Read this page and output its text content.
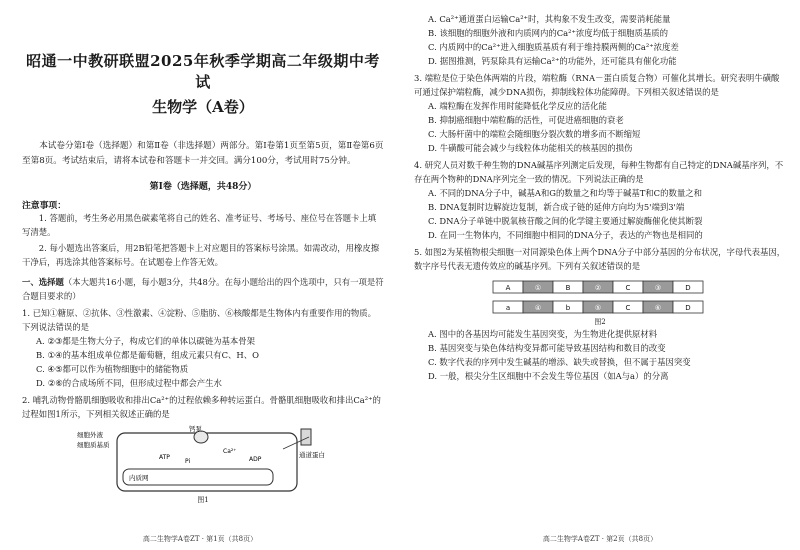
昭通一中教研联盟2025年秋季学期高二年级期中考试
生物学（A卷）
本试卷分第Ⅰ卷（选择题）和第Ⅱ卷（非选择题）两部分。第Ⅰ卷第1页至第5页，第Ⅱ卷第6页至第8页。考试结束后，请将本试卷和答题卡一并交回。满分100分，考试用时75分钟。
第Ⅰ卷（选择题，共48分）
注意事项：
1. 答题前，考生务必用黑色碳素笔将自己的姓名、准考证号、考场号、座位号在答题卡上填写清楚。
2. 每小题选出答案后，用2B铅笔把答题卡上对应题目的答案标号涂黑。如需改动，用橡皮擦干净后，再选涂其他答案标号。在试题卷上作答无效。
一、选择题（本大题共16小题，每小题3分，共48分。在每小题给出的四个选项中，只有一项是符合题目要求的）
1. 已知①糖原、②抗体、③性激素、④淀粉、⑤脂肪、⑥核酸都是生物体内有重要作用的物质。下列说法错误的是
A. ②③都是生物大分子，构成它们的单体以碳链为基本骨架
B. ①④的基本组成单位都是葡萄糖，组成元素只有C、H、O
C. ④⑤都可以作为植物细胞中的储能物质
D. ②⑥的合成场所不同，但形成过程中都会产生水
2. 哺乳动物骨骼肌细胞吸收和排出Ca²⁺的过程依赖多种转运蛋白。骨骼肌细胞吸收和排出Ca²⁺的过程如图1所示，下列相关叙述正确的是
细胞外液
细胞质基质
钙泵
Ca²⁺
ATP	ADP
Pi
通道蛋白
内质网
图1
高二生物学A卷ZT · 第1页（共8页）
A. Ca²⁺通道蛋白运输Ca²⁺时，其构象不发生改变，需要消耗能量
B. 该细胞的细胞外液和内质网内的Ca²⁺浓度均低于细胞质基质的
C. 内质网中的Ca²⁺进入细胞质基质有利于维持膜两侧的Ca²⁺浓度差
D. 据图推测，钙泵除具有运输Ca²⁺的功能外，还可能具有催化功能
3. 端粒是位于染色体两端的片段，端粒酶（RNA－蛋白质复合物）可催化其增长。研究表明牛磺酸可通过保护端粒酶，减少DNA损伤，抑制线粒体功能障碍。下列相关叙述错误的是
A. 端粒酶在发挥作用时能降低化学反应的活化能
B. 抑制癌细胞中端粒酶的活性，可促进癌细胞的衰老
C. 大肠杆菌中的端粒会随细胞分裂次数的增多而不断缩短
D. 牛磺酸可能会减少与线粒体功能相关的核基因的损伤
4. 研究人员对数千种生物的DNA碱基序列测定后发现，每种生物都有自己特定的DNA碱基序列，不存在两个物种的DNA序列完全一致的情况。下列说法正确的是
A. 不同的DNA分子中，碱基A和G的数量之和均等于碱基T和C的数量之和
B. DNA复制时边解旋边复制，新合成子链的延伸方向均为5'端到3'端
C. DNA分子单链中脱氧核苷酸之间的化学键主要通过解旋酶催化使其断裂
D. 在同一生物体内，不同细胞中相同的DNA分子，表达的产物也是相同的
5. 如图2为某植物根尖细胞一对同源染色体上两个DNA分子中部分基因的分布状况，字母代表基因，数字序号代表无遗传效应的碱基序列。下列有关叙述错误的是
A	①	B	②	C	③	D
a	④	b	⑤	C	⑥	D
图2
A. 图中的各基因均可能发生基因突变，为生物进化提供原材料
B. 基因突变与染色体结构变异都可能导致基因结构和数目的改变
C. 数字代表的序列中发生碱基的增添、缺失或替换，但不属于基因突变
D. 一般，根尖分生区细胞中不会发生等位基因（如A与a）的分离
高二生物学A卷ZT · 第2页（共8页）
